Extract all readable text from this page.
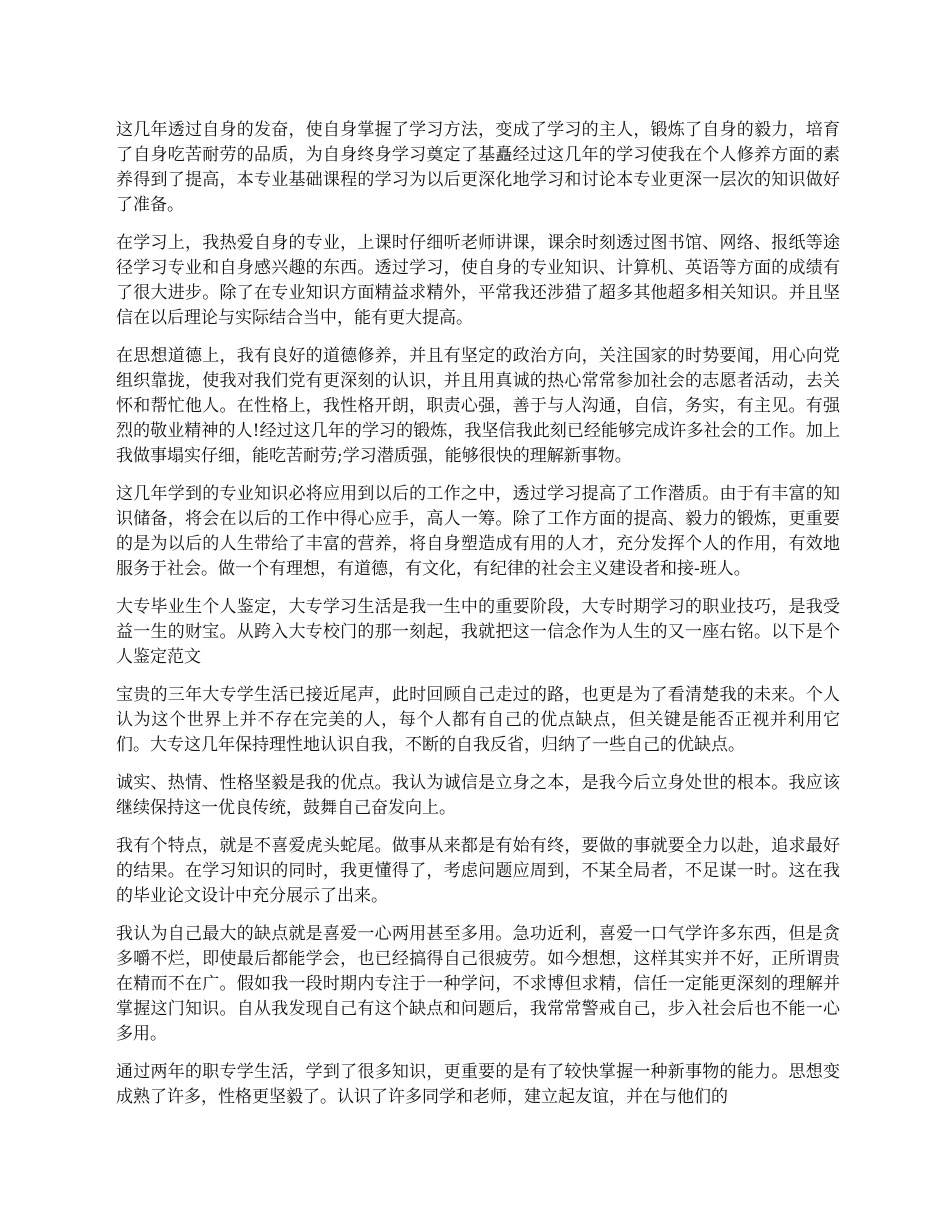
这几年透过自身的发奋，使自身掌握了学习方法，变成了学习的主人，锻炼了自身的毅力，培育了自身吃苦耐劳的品质，为自身终身学习奠定了基矗经过这几年的学习使我在个人修养方面的素养得到了提高，本专业基础课程的学习为以后更深化地学习和讨论本专业更深一层次的知识做好了准备。

在学习上，我热爱自身的专业，上课时仔细听老师讲课，课余时刻透过图书馆、网络、报纸等途径学习专业和自身感兴趣的东西。透过学习，使自身的专业知识、计算机、英语等方面的成绩有了很大进步。除了在专业知识方面精益求精外，平常我还涉猎了超多其他超多相关知识。并且坚信在以后理论与实际结合当中，能有更大提高。

在思想道德上，我有良好的道德修养，并且有坚定的政治方向，关注国家的时势要闻，用心向党组织靠拢，使我对我们党有更深刻的认识，并且用真诚的热心常常参加社会的志愿者活动，去关怀和帮忙他人。在性格上，我性格开朗，职责心强，善于与人沟通，自信，务实，有主见。有强烈的敬业精神的人!经过这几年的学习的锻炼，我坚信我此刻已经能够完成许多社会的工作。加上我做事塌实仔细，能吃苦耐劳;学习潜质强，能够很快的理解新事物。

这几年学到的专业知识必将应用到以后的工作之中，透过学习提高了工作潜质。由于有丰富的知识储备，将会在以后的工作中得心应手，高人一筹。除了工作方面的提高、毅力的锻炼，更重要的是为以后的人生带给了丰富的营养，将自身塑造成有用的人才，充分发挥个人的作用，有效地服务于社会。做一个有理想，有道德，有文化，有纪律的社会主义建设者和接-班人。

大专毕业生个人鉴定，大专学习生活是我一生中的重要阶段，大专时期学习的职业技巧，是我受益一生的财宝。从跨入大专校门的那一刻起，我就把这一信念作为人生的又一座右铭。以下是个人鉴定范文

宝贵的三年大专学生活已接近尾声，此时回顾自己走过的路，也更是为了看清楚我的未来。个人认为这个世界上并不存在完美的人，每个人都有自己的优点缺点，但关键是能否正视并利用它们。大专这几年保持理性地认识自我，不断的自我反省，归纳了一些自己的优缺点。

诚实、热情、性格坚毅是我的优点。我认为诚信是立身之本，是我今后立身处世的根本。我应该继续保持这一优良传统，鼓舞自己奋发向上。

我有个特点，就是不喜爱虎头蛇尾。做事从来都是有始有终，要做的事就要全力以赴，追求最好的结果。在学习知识的同时，我更懂得了，考虑问题应周到，不某全局者，不足谋一时。这在我的毕业论文设计中充分展示了出来。

我认为自己最大的缺点就是喜爱一心两用甚至多用。急功近利，喜爱一口气学许多东西，但是贪多嚼不烂，即使最后都能学会，也已经搞得自己很疲劳。如今想想，这样其实并不好，正所谓贵在精而不在广。假如我一段时期内专注于一种学问，不求博但求精，信任一定能更深刻的理解并掌握这门知识。自从我发现自己有这个缺点和问题后，我常常警戒自己，步入社会后也不能一心多用。

通过两年的职专学生活，学到了很多知识，更重要的是有了较快掌握一种新事物的能力。思想变成熟了许多，性格更坚毅了。认识了许多同学和老师，建立起友谊，并在与他们的
